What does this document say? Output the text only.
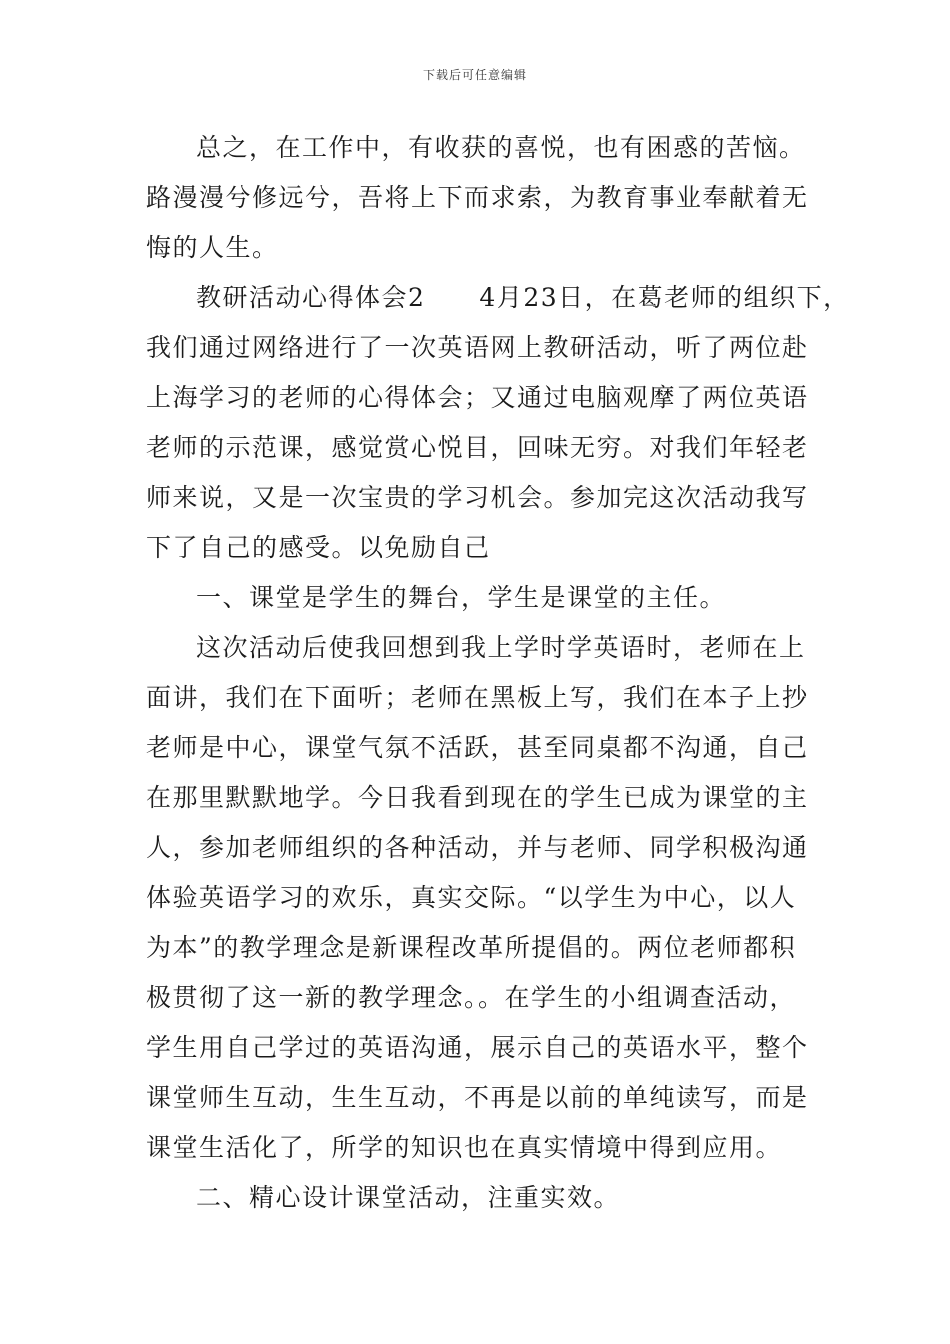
下载后可任意编辑
总之，在工作中，有收获的喜悦，也有困惑的苦恼。
路漫漫兮修远兮，吾将上下而求索，为教育事业奉献着无
悔的人生。
教研活动心得体会2 4月23日，在葛老师的组织下，
我们通过网络进行了一次英语网上教研活动，听了两位赴
上海学习的老师的心得体会；又通过电脑观摩了两位英语
老师的示范课，感觉赏心悦目，回味无穷。对我们年轻老
师来说，又是一次宝贵的学习机会。参加完这次活动我写
下了自己的感受。以免励自己
一、课堂是学生的舞台，学生是课堂的主任。
这次活动后使我回想到我上学时学英语时，老师在上
面讲，我们在下面听；老师在黑板上写，我们在本子上抄
老师是中心，课堂气氛不活跃，甚至同桌都不沟通，自己
在那里默默地学。今日我看到现在的学生已成为课堂的主
人，参加老师组织的各种活动，并与老师、同学积极沟通
体验英语学习的欢乐，真实交际。“以学生为中心，以人
为本”的教学理念是新课程改革所提倡的。两位老师都积
极贯彻了这一新的教学理念。。在学生的小组调查活动，
学生用自己学过的英语沟通，展示自己的英语水平，整个
课堂师生互动，生生互动，不再是以前的单纯读写，而是
课堂生活化了，所学的知识也在真实情境中得到应用。
二、精心设计课堂活动，注重实效。
